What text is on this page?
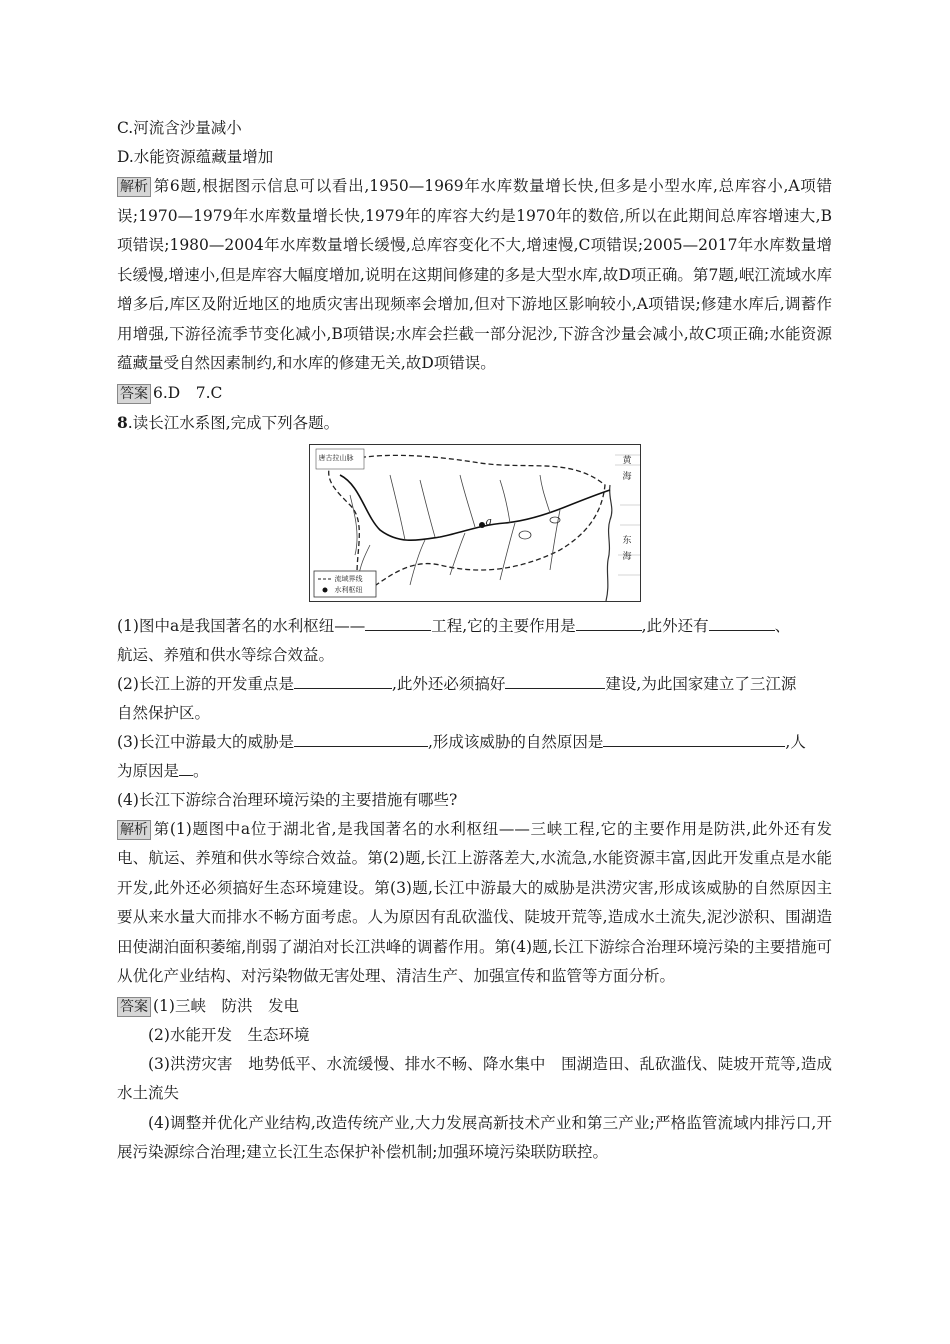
C.河流含沙量减小
D.水能资源蕴藏量增加

解析 第6题,根据图示信息可以看出,1950—1969年水库数量增长快,但多是小型水库,总库容小,A项错误;1970—1979年水库数量增长快,1979年的库容大约是1970年的数倍,所以在此期间总库容增速大,B项错误;1980—2004年水库数量增长缓慢,总库容变化不大,增速慢,C项错误;2005—2017年水库数量增长缓慢,增速小,但是库容大幅度增加,说明在这期间修建的多是大型水库,故D项正确。第7题,岷江流域水库增多后,库区及附近地区的地质灾害出现频率会增加,但对下游地区影响较小,A项错误;修建水库后,调蓄作用增强,下游径流季节变化减小,B项错误;水库会拦截一部分泥沙,下游含沙量会减小,故C项正确;水能资源蕴藏量受自然因素制约,和水库的修建无关,故D项错误。

答案 6.D　7.C
8.读长江水系图,完成下列各题。
a
黄
海
东
海
流域界线
水利枢纽
唐古拉山脉
(1)图中a是我国著名的水利枢纽——	工程,它的主要作用是	,此外还有	、
航运、养殖和供水等综合效益。
(2)长江上游的开发重点是	,此外还必须搞好	建设,为此国家建立了三江源
自然保护区。
(3)长江中游最大的威胁是	,形成该威胁的自然原因是	,人
为原因是 。
(4)长江下游综合治理环境污染的主要措施有哪些?

解析 第(1)题图中a位于湖北省,是我国著名的水利枢纽——三峡工程,它的主要作用是防洪,此外还有发电、航运、养殖和供水等综合效益。第(2)题,长江上游落差大,水流急,水能资源丰富,因此开发重点是水能开发,此外还必须搞好生态环境建设。第(3)题,长江中游最大的威胁是洪涝灾害,形成该威胁的自然原因主要从来水量大而排水不畅方面考虑。人为原因有乱砍滥伐、陡坡开荒等,造成水土流失,泥沙淤积、围湖造田使湖泊面积萎缩,削弱了湖泊对长江洪峰的调蓄作用。第(4)题,长江下游综合治理环境污染的主要措施可从优化产业结构、对污染物做无害处理、清洁生产、加强宣传和监管等方面分析。

答案 (1)三峡　防洪　发电
(2)水能开发　生态环境

(3)洪涝灾害　地势低平、水流缓慢、排水不畅、降水集中　围湖造田、乱砍滥伐、陡坡开荒等,造成水土流失

(4)调整并优化产业结构,改造传统产业,大力发展高新技术产业和第三产业;严格监管流域内排污口,开展污染源综合治理;建立长江生态保护补偿机制;加强环境污染联防联控。
